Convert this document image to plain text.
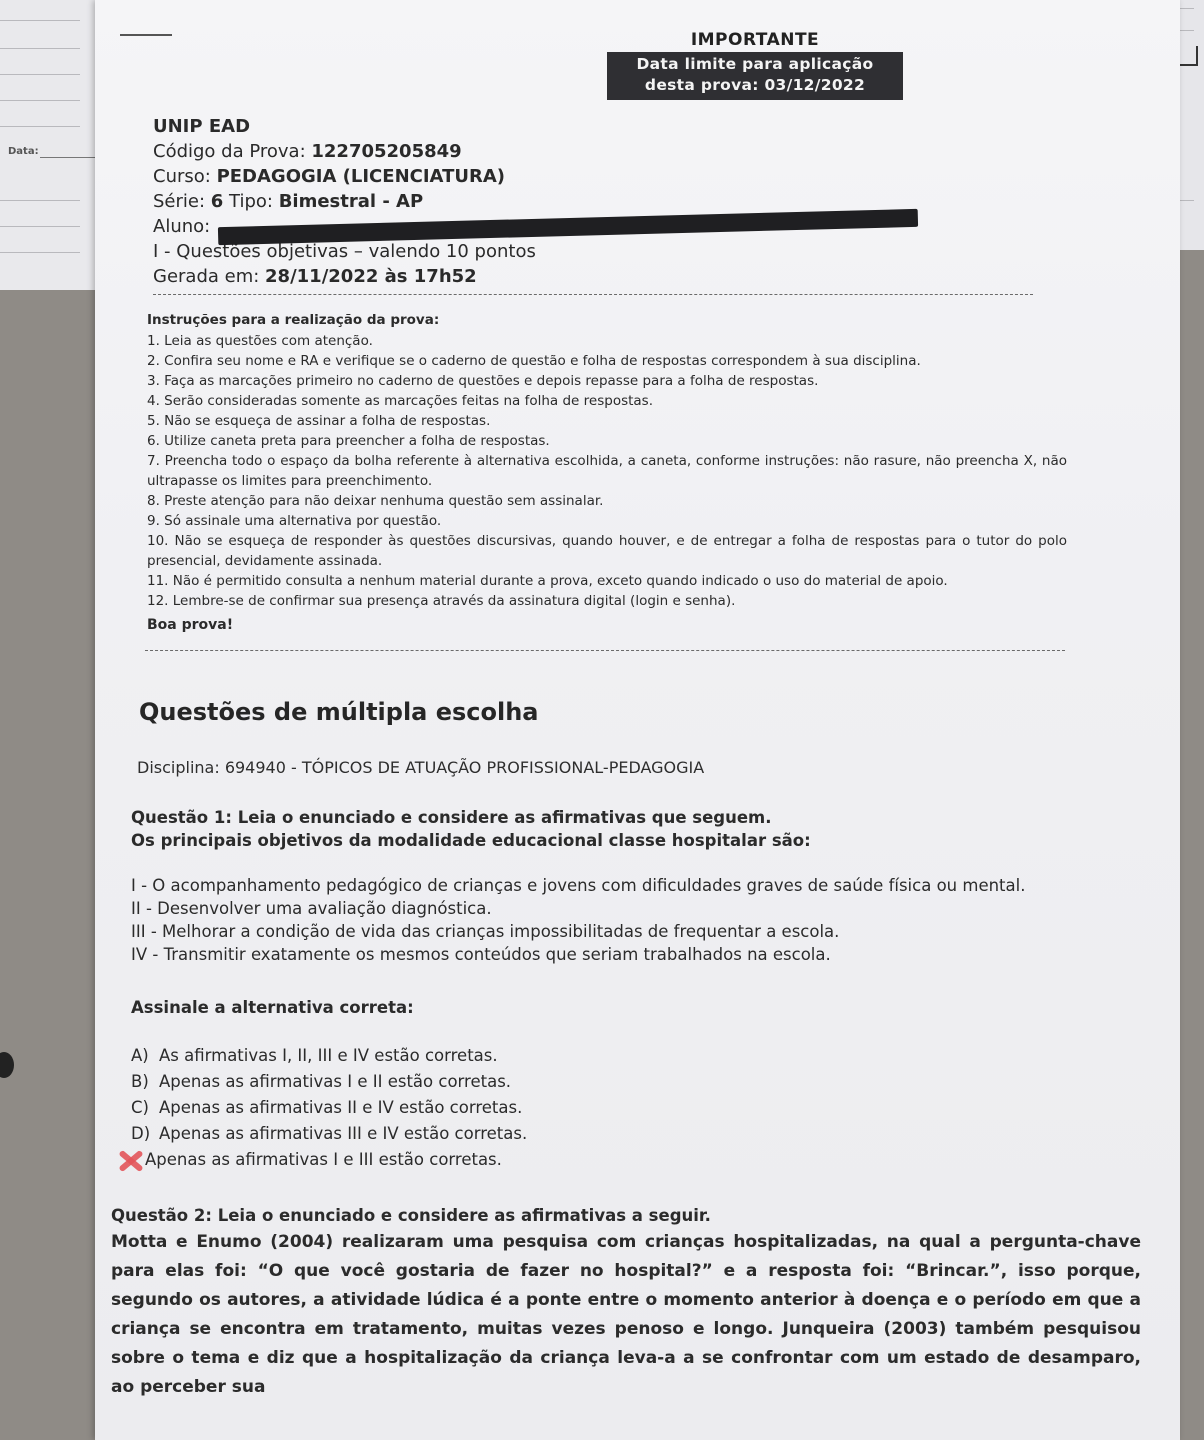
Data:
IMPORTANTE
Data limite para aplicação
desta prova: 03/12/2022
UNIP EAD
Código da Prova: 122705205849
Curso: PEDAGOGIA (LICENCIATURA)
Série: 6 Tipo: Bimestral - AP
Aluno:
I - Questões objetivas – valendo 10 pontos
Gerada em: 28/11/2022 às 17h52
Instruções para a realização da prova:
1. Leia as questões com atenção.
2. Confira seu nome e RA e verifique se o caderno de questão e folha de respostas correspondem à sua disciplina.
3. Faça as marcações primeiro no caderno de questões e depois repasse para a folha de respostas.
4. Serão consideradas somente as marcações feitas na folha de respostas.
5. Não se esqueça de assinar a folha de respostas.
6. Utilize caneta preta para preencher a folha de respostas.
7. Preencha todo o espaço da bolha referente à alternativa escolhida, a caneta, conforme instruções: não rasure, não preencha X, não ultrapasse os limites para preenchimento.
8. Preste atenção para não deixar nenhuma questão sem assinalar.
9. Só assinale uma alternativa por questão.
10. Não se esqueça de responder às questões discursivas, quando houver, e de entregar a folha de respostas para o tutor do polo presencial, devidamente assinada.
11. Não é permitido consulta a nenhum material durante a prova, exceto quando indicado o uso do material de apoio.
12. Lembre-se de confirmar sua presença através da assinatura digital (login e senha).
Boa prova!
Questões de múltipla escolha
Disciplina: 694940 - TÓPICOS DE ATUAÇÃO PROFISSIONAL-PEDAGOGIA
Questão 1: Leia o enunciado e considere as afirmativas que seguem.
Os principais objetivos da modalidade educacional classe hospitalar são:
I - O acompanhamento pedagógico de crianças e jovens com dificuldades graves de saúde física ou mental.
II - Desenvolver uma avaliação diagnóstica.
III - Melhorar a condição de vida das crianças impossibilitadas de frequentar a escola.
IV - Transmitir exatamente os mesmos conteúdos que seriam trabalhados na escola.
Assinale a alternativa correta:
A) As afirmativas I, II, III e IV estão corretas.
B) Apenas as afirmativas I e II estão corretas.
C) Apenas as afirmativas II e IV estão corretas.
D) Apenas as afirmativas III e IV estão corretas.
Apenas as afirmativas I e III estão corretas.
Questão 2: Leia o enunciado e considere as afirmativas a seguir.
Motta e Enumo (2004) realizaram uma pesquisa com crianças hospitalizadas, na qual a pergunta-chave para elas foi: “O que você gostaria de fazer no hospital?” e a resposta foi: “Brincar.”, isso porque, segundo os autores, a atividade lúdica é a ponte entre o momento anterior à doença e o período em que a criança se encontra em tratamento, muitas vezes penoso e longo. Junqueira (2003) também pesquisou sobre o tema e diz que a hospitalização da criança leva-a a se confrontar com um estado de desamparo, ao perceber sua
